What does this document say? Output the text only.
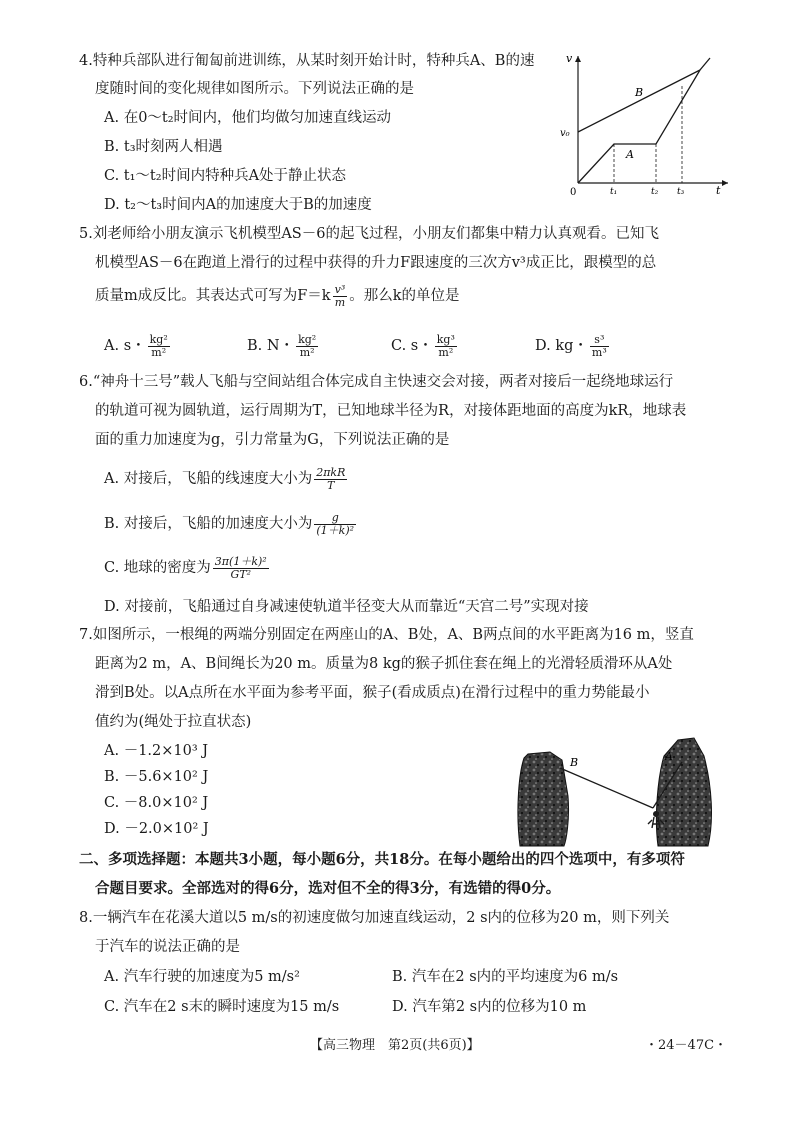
4.特种兵部队进行匍匐前进训练，从某时刻开始计时，特种兵A、B的速
度随时间的变化规律如图所示。下列说法正确的是
A. 在0～t₂时间内，他们均做匀加速直线运动
B. t₃时刻两人相遇
C. t₁～t₂时间内特种兵A处于静止状态
D. t₂～t₃时间内A的加速度大于B的加速度
v
t
0
v₀
B
A
t₁	t₂ t₃
5.刘老师给小朋友演示飞机模型AS－6的起飞过程，小朋友们都集中精力认真观看。已知飞
机模型AS－6在跑道上滑行的过程中获得的升力F跟速度的三次方v³成正比，跟模型的总
质量m成反比。其表达式可写为$F=k \frac{\text{v³}}{m}$ 。那么k的单位是
A. s・ $\frac{\text{kg²}}{\text{m²}}$	B. N・ $\frac{\text{kg²}}{\text{m²}}$	C. s・ $\frac{\text{kg³}}{\text{m²}}$	D. kg・ $\frac{\text{s³}}{\text{m³}}$
6.“神舟十三号”载人飞船与空间站组合体完成自主快速交会对接，两者对接后一起绕地球运行
的轨道可视为圆轨道，运行周期为T，已知地球半径为R，对接体距地面的高度为kR，地球表
面的重力加速度为g，引力常量为G，下列说法正确的是
A. 对接后，飞船的线速度大小为 $\frac{\text{2πkR}}{T}$
B. 对接后，飞船的加速度大小为 $\frac{g}{\text{(1＋k)²}}$
C. 地球的密度为 $\frac{\text{3π(1＋k)²}}{\text{GT²}}$
D. 对接前，飞船通过自身减速使轨道半径变大从而靠近“天宫二号”实现对接
7.如图所示，一根绳的两端分别固定在两座山的A、B处，A、B两点间的水平距离为16 m，竖直
距离为2 m，A、B间绳长为20 m。质量为8 kg的猴子抓住套在绳上的光滑轻质滑环从A处
滑到B处。以A点所在水平面为参考平面，猴子(看成质点)在滑行过程中的重力势能最小
值约为(绳处于拉直状态)
A. －1.2×10³ J
B. －5.6×10² J
C. －8.0×10² J
D. －2.0×10² J
B	A
二、多项选择题：本题共3小题，每小题6分，共18分。在每小题给出的四个选项中，有多项符
合题目要求。全部选对的得6分，选对但不全的得3分，有选错的得0分。
8.一辆汽车在花溪大道以5 m/s的初速度做匀加速直线运动，2 s内的位移为20 m，则下列关
于汽车的说法正确的是
A. 汽车行驶的加速度为5 m/s²	B. 汽车在2 s内的平均速度为6 m/s
C. 汽车在2 s末的瞬时速度为15 m/s	D. 汽车第2 s内的位移为10 m
【高三物理　第2页(共6页)】	・24－47C・
